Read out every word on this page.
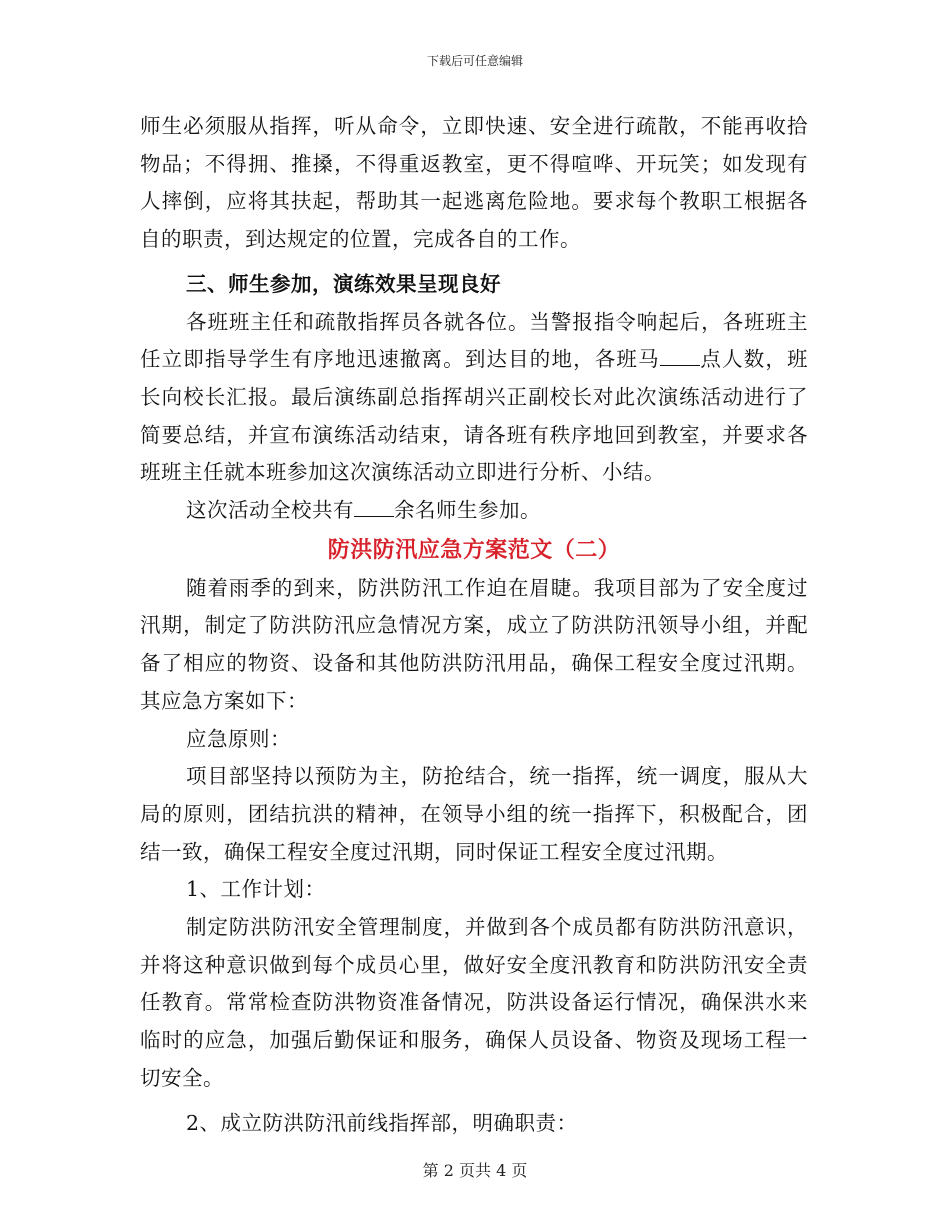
下载后可任意编辑

师生必须服从指挥，听从命令，立即快速、安全进行疏散，不能再收拾物品；不得拥、推搡，不得重返教室，更不得喧哗、开玩笑；如发现有人摔倒，应将其扶起，帮助其一起逃离危险地。要求每个教职工根据各自的职责，到达规定的位置，完成各自的工作。

三、师生参加，演练效果呈现良好

各班班主任和疏散指挥员各就各位。当警报指令响起后，各班班主任立即指导学生有序地迅速撤离。到达目的地，各班马 点人数，班长向校长汇报。最后演练副总指挥胡兴正副校长对此次演练活动进行了简要总结，并宣布演练活动结束，请各班有秩序地回到教室，并要求各班班主任就本班参加这次演练活动立即进行分析、小结。

这次活动全校共有 余名师生参加。

防洪防汛应急方案范文（二）

随着雨季的到来，防洪防汛工作迫在眉睫。我项目部为了安全度过汛期，制定了防洪防汛应急情况方案，成立了防洪防汛领导小组，并配备了相应的物资、设备和其他防洪防汛用品，确保工程安全度过汛期。其应急方案如下：

应急原则：

项目部坚持以预防为主，防抢结合，统一指挥，统一调度，服从大局的原则，团结抗洪的精神，在领导小组的统一指挥下，积极配合，团结一致，确保工程安全度过汛期，同时保证工程安全度过汛期。

1、工作计划：

制定防洪防汛安全管理制度，并做到各个成员都有防洪防汛意识，并将这种意识做到每个成员心里，做好安全度汛教育和防洪防汛安全责任教育。常常检查防洪物资准备情况，防洪设备运行情况，确保洪水来临时的应急，加强后勤保证和服务，确保人员设备、物资及现场工程一切安全。

2、成立防洪防汛前线指挥部，明确职责：

第 2 页共 4 页
